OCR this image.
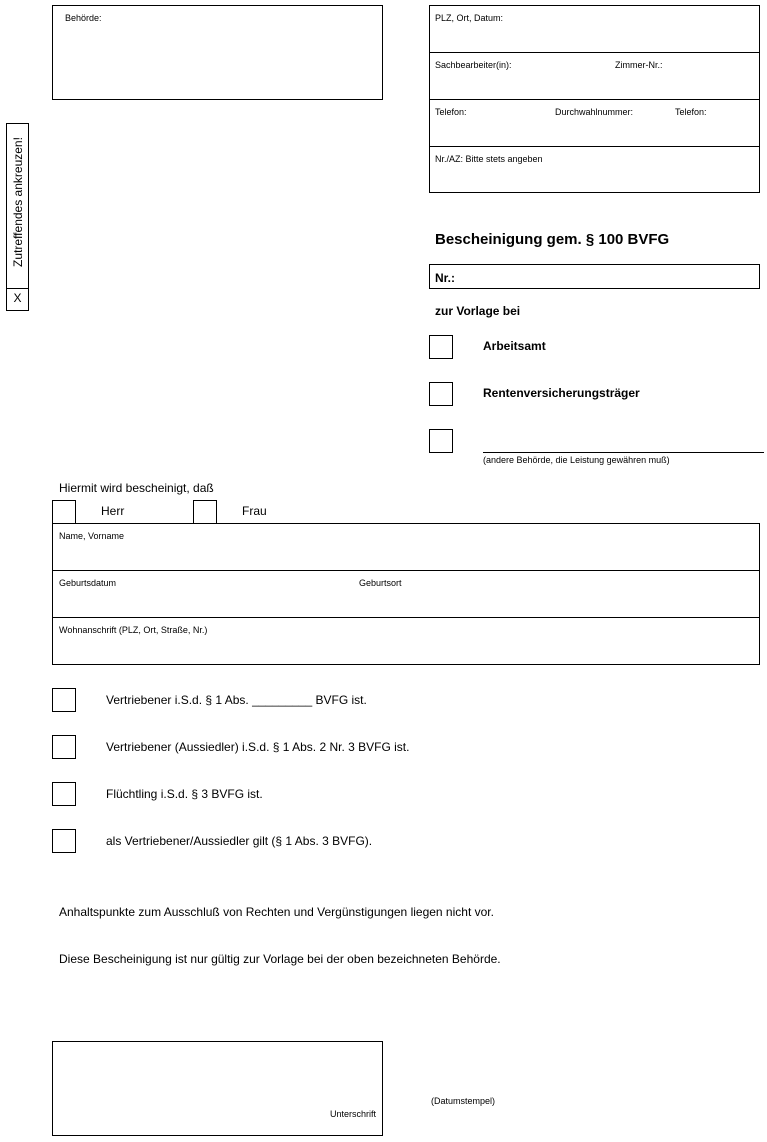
Zutreffendes ankreuzen!
X
Behörde:	PLZ, Ort, Datum:
Sachbearbeiter(in):	Zimmer-Nr.:
Telefon:	Durchwahlnummer:	Telefon:
Nr./AZ: Bitte stets angeben
Bescheinigung gem. § 100 BVFG
Nr.:
zur Vorlage bei
Arbeitsamt
Rentenversicherungsträger
(andere Behörde, die Leistung gewähren muß)
Hiermit wird bescheinigt, daß
Herr	Frau
Name, Vorname
Geburtsdatum	Geburtsort
Wohnanschrift (PLZ, Ort, Straße, Nr.)
Vertriebener i.S.d. § 1 Abs. _________ BVFG ist.
Vertriebener (Aussiedler) i.S.d. § 1 Abs. 2 Nr. 3 BVFG ist.
Flüchtling i.S.d. § 3 BVFG ist.
als Vertriebener/Aussiedler gilt (§ 1 Abs. 3 BVFG).
Anhaltspunkte zum Ausschluß von Rechten und Vergünstigungen liegen nicht vor.
Diese Bescheinigung ist nur gültig zur Vorlage bei der oben bezeichneten Behörde.
Unterschrift
(Datumstempel)
